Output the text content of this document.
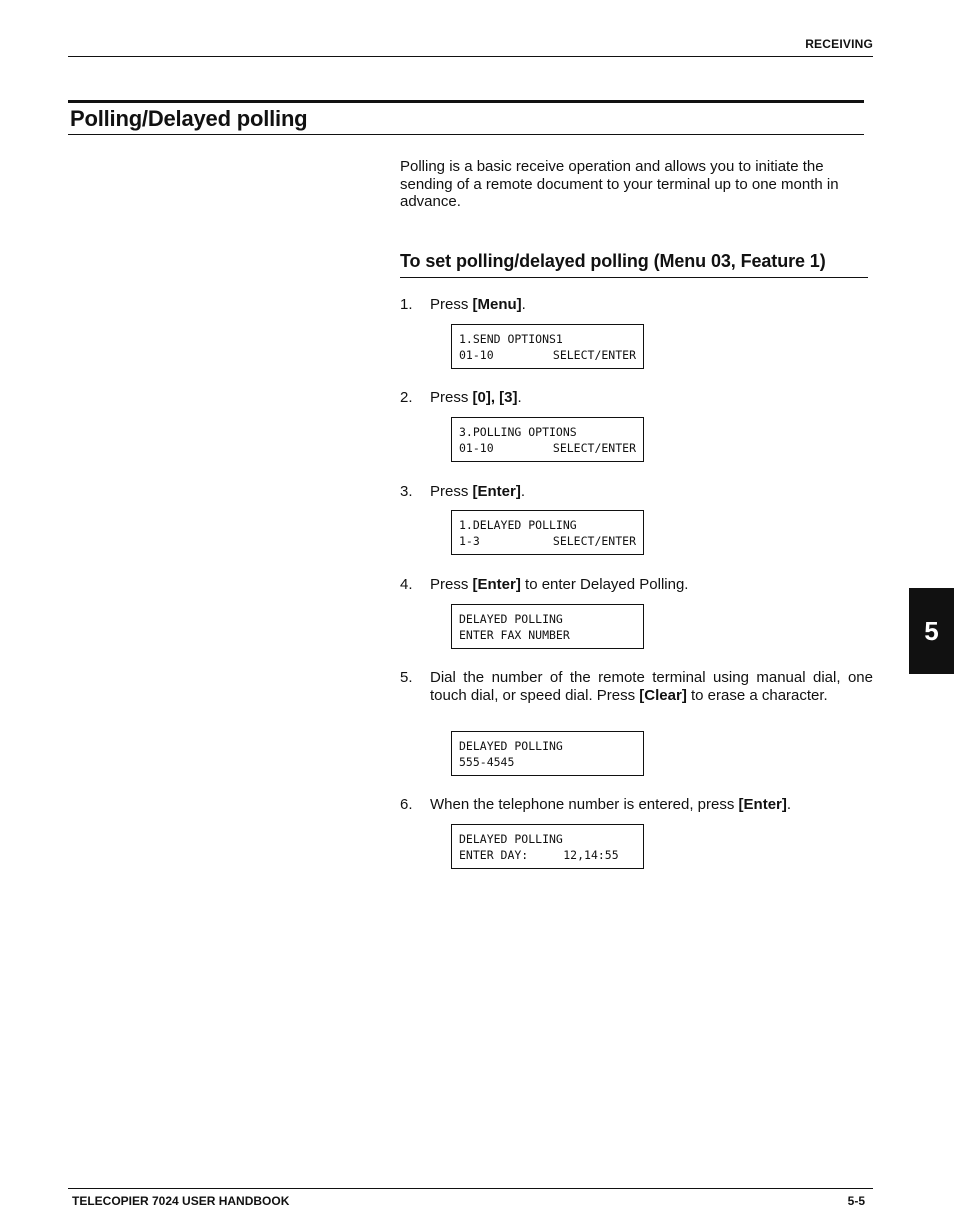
RECEIVING
Polling/Delayed polling
Polling is a basic receive operation and allows you to initiate the sending of a remote document to your terminal up to one month in advance.
To set polling/delayed polling (Menu 03, Feature 1)
1. Press [Menu].
1.SEND OPTIONS1
01-10	SELECT/ENTER
2. Press [0], [3].
3.POLLING OPTIONS
01-10	SELECT/ENTER
3. Press [Enter].
1.DELAYED POLLING
1-3	SELECT/ENTER
4. Press [Enter] to enter Delayed Polling.
DELAYED POLLING
ENTER FAX NUMBER
5. Dial the number of the remote terminal using manual dial, one touch dial, or speed dial. Press [Clear] to erase a character.
DELAYED POLLING
555-4545
6. When the telephone number is entered, press [Enter].
DELAYED POLLING
ENTER DAY:	12,14:55
5
TELECOPIER 7024 USER HANDBOOK	5-5
